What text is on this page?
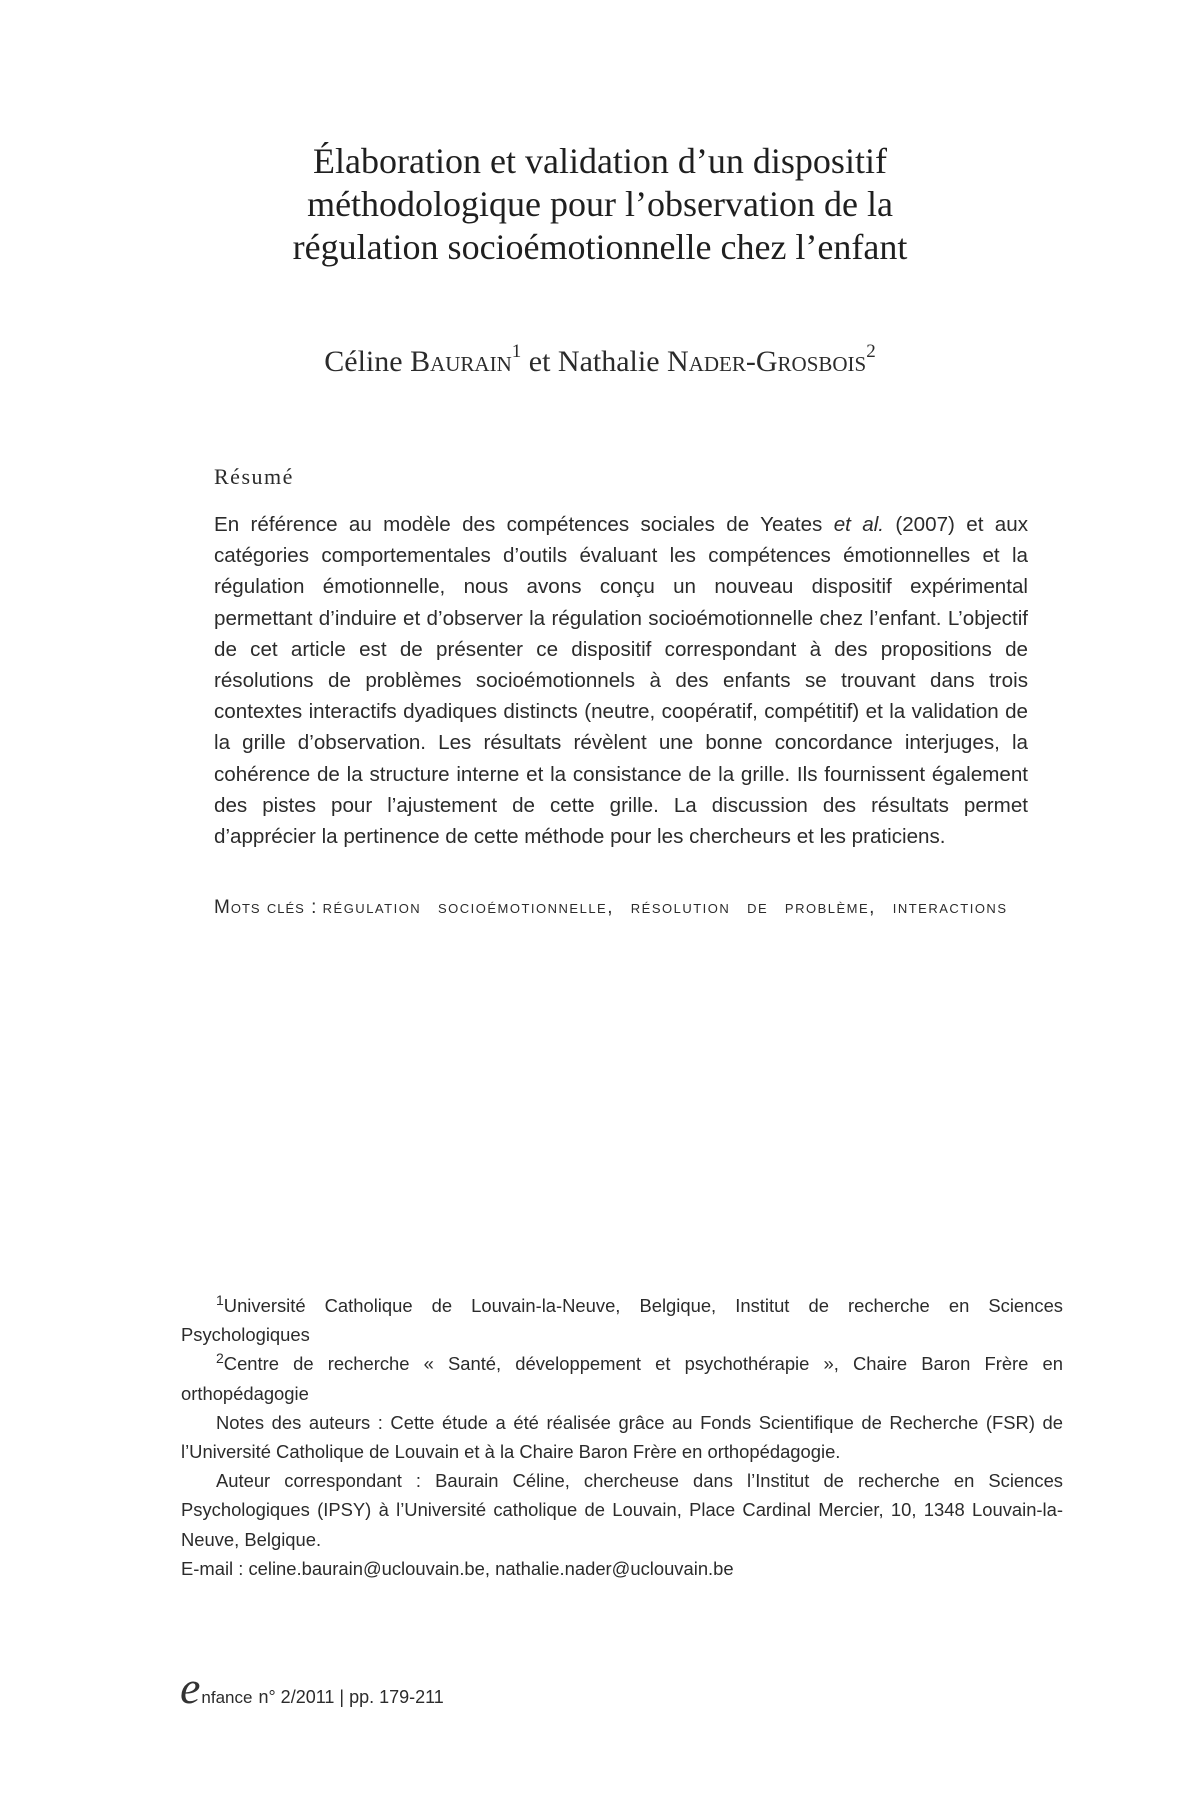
Élaboration et validation d’un dispositif
méthodologique pour l’observation de la
régulation socioémotionnelle chez l’enfant
Céline Baurain$^1$ et Nathalie Nader-Grosbois$^2$
Résumé

En référence au modèle des compétences sociales de Yeates et al. (2007) et aux catégories comportementales d’outils évaluant les compétences émotionnelles et la régulation émotionnelle, nous avons conçu un nouveau dispositif expérimental permettant d’induire et d’observer la régulation socioémotionnelle chez l’enfant. L’objectif de cet article est de présenter ce dispositif correspondant à des propositions de résolutions de problèmes socioémotionnels à des enfants se trouvant dans trois contextes interactifs dyadiques distincts (neutre, coopératif, compétitif) et la validation de la grille d’observation. Les résultats révèlent une bonne concordance interjuges, la cohérence de la structure interne et la consistance de la grille. Ils fournissent également des pistes pour l’ajustement de cette grille. La discussion des résultats permet d’apprécier la pertinence de cette méthode pour les chercheurs et les praticiens.

Mots clés : régulation socioémotionnelle, résolution de problème, interactions

$^1$Université Catholique de Louvain-la-Neuve, Belgique, Institut de recherche en Sciences Psychologiques

$^2$Centre de recherche « Santé, développement et psychothérapie », Chaire Baron Frère en orthopédagogie

Notes des auteurs : Cette étude a été réalisée grâce au Fonds Scientifique de Recherche (FSR) de l’Université Catholique de Louvain et à la Chaire Baron Frère en orthopédagogie.

Auteur correspondant : Baurain Céline, chercheuse dans l’Institut de recherche en Sciences Psychologiques (IPSY) à l’Université catholique de Louvain, Place Cardinal Mercier, 10, 1348 Louvain-la-Neuve, Belgique.

E-mail : celine.baurain@uclouvain.be, nathalie.nader@uclouvain.be

e nfance n° 2/2011 | pp. 179-211
